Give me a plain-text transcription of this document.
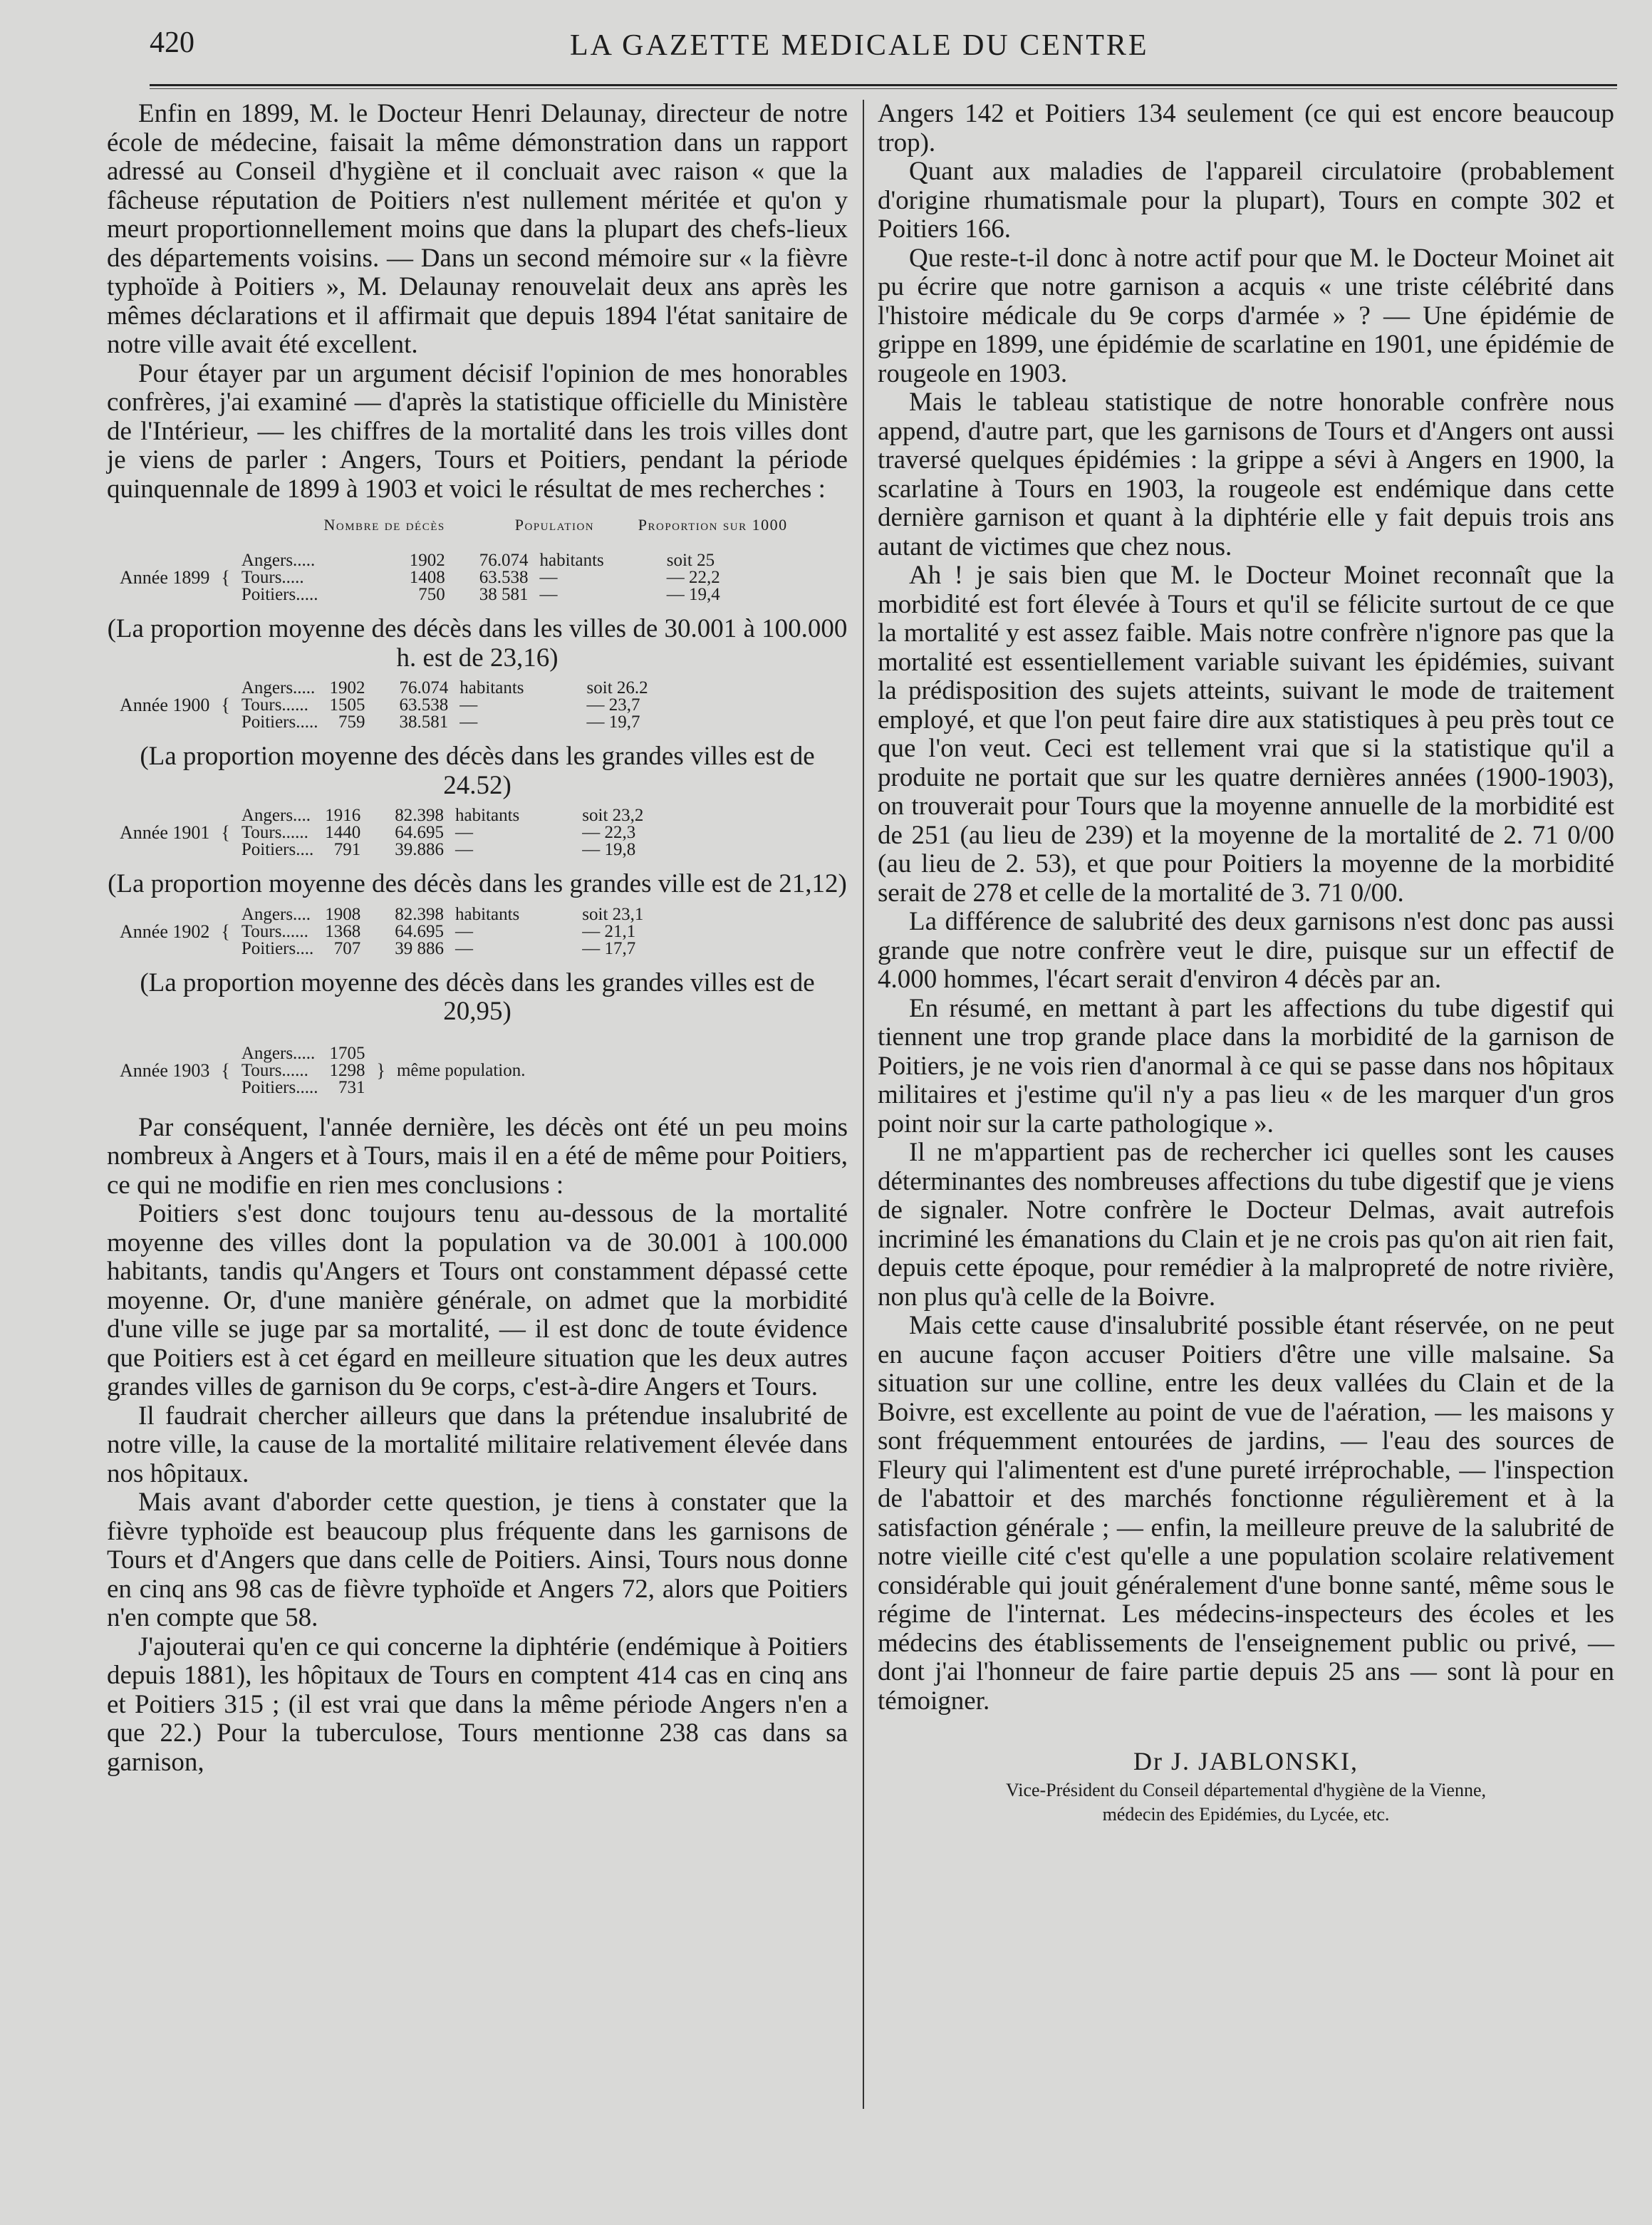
420	LA GAZETTE MEDICALE DU CENTRE

Enfin en 1899, M. le Docteur Henri Delaunay, directeur de notre école de médecine, faisait la même démonstration dans un rapport adressé au Conseil d'hygiène et il concluait avec raison « que la fâcheuse réputation de Poitiers n'est nullement méritée et qu'on y meurt proportionnellement moins que dans la plupart des chefs-lieux des départements voisins. — Dans un second mémoire sur « la fièvre typhoïde à Poitiers », M. Delaunay renouvelait deux ans après les mêmes déclarations et il affirmait que depuis 1894 l'état sanitaire de notre ville avait été excellent.

Pour étayer par un argument décisif l'opinion de mes honorables confrères, j'ai examiné — d'après la statistique officielle du Ministère de l'Intérieur, — les chiffres de la mortalité dans les trois villes dont je viens de parler : Angers, Tours et Poitiers, pendant la période quinquennale de 1899 à 1903 et voici le résultat de mes recherches :

			Nombre de décès	Population		Proportion sur 1000
Année 1899	{	Angers.....	1902	76.074	habitants	soit 25
		Tours.....	1408	63.538	—	— 22,2
		Poitiers.....	750	38 581	—	— 19,4

(La proportion moyenne des décès dans les villes de 30.001 à 100.000 h. est de 23,16)

Année 1900	{	Angers.....	1902	76.074	habitants	soit 26.2
		Tours......	1505	63.538	—	— 23,7
		Poitiers.....	759	38.581	—	— 19,7

(La proportion moyenne des décès dans les grandes villes est de 24.52)

Année 1901	{	Angers....	1916	82.398	habitants	soit 23,2
		Tours......	1440	64.695	—	— 22,3
		Poitiers....	791	39.886	—	— 19,8

(La proportion moyenne des décès dans les grandes ville est de 21,12)

Année 1902	{	Angers....	1908	82.398	habitants	soit 23,1
		Tours......	1368	64.695	—	— 21,1
		Poitiers....	707	39 886	—	— 17,7

(La proportion moyenne des décès dans les grandes villes est de 20,95)

Année 1903	{	Angers.....	1705	}	même population.
		Tours......	1298		
		Poitiers.....	731		

Par conséquent, l'année dernière, les décès ont été un peu moins nombreux à Angers et à Tours, mais il en a été de même pour Poitiers, ce qui ne modifie en rien mes conclusions :

Poitiers s'est donc toujours tenu au-dessous de la mortalité moyenne des villes dont la population va de 30.001 à 100.000 habitants, tandis qu'Angers et Tours ont constamment dépassé cette moyenne. Or, d'une manière générale, on admet que la morbidité d'une ville se juge par sa mortalité, — il est donc de toute évidence que Poitiers est à cet égard en meilleure situation que les deux autres grandes villes de garnison du 9e corps, c'est-à-dire Angers et Tours.

Il faudrait chercher ailleurs que dans la prétendue insalubrité de notre ville, la cause de la mortalité militaire relativement élevée dans nos hôpitaux.

Mais avant d'aborder cette question, je tiens à constater que la fièvre typhoïde est beaucoup plus fréquente dans les garnisons de Tours et d'Angers que dans celle de Poitiers. Ainsi, Tours nous donne en cinq ans 98 cas de fièvre typhoïde et Angers 72, alors que Poitiers n'en compte que 58.

J'ajouterai qu'en ce qui concerne la diphtérie (endémique à Poitiers depuis 1881), les hôpitaux de Tours en comptent 414 cas en cinq ans et Poitiers 315 ; (il est vrai que dans la même période Angers n'en a que 22.) Pour la tuberculose, Tours mentionne 238 cas dans sa garnison,

Angers 142 et Poitiers 134 seulement (ce qui est encore beaucoup trop).

Quant aux maladies de l'appareil circulatoire (probablement d'origine rhumatismale pour la plupart), Tours en compte 302 et Poitiers 166.

Que reste-t-il donc à notre actif pour que M. le Docteur Moinet ait pu écrire que notre garnison a acquis « une triste célébrité dans l'histoire médicale du 9e corps d'armée » ? — Une épidémie de grippe en 1899, une épidémie de scarlatine en 1901, une épidémie de rougeole en 1903.

Mais le tableau statistique de notre honorable confrère nous append, d'autre part, que les garnisons de Tours et d'Angers ont aussi traversé quelques épidémies : la grippe a sévi à Angers en 1900, la scarlatine à Tours en 1903, la rougeole est endémique dans cette dernière garnison et quant à la diphtérie elle y fait depuis trois ans autant de victimes que chez nous.

Ah ! je sais bien que M. le Docteur Moinet reconnaît que la morbidité est fort élevée à Tours et qu'il se félicite surtout de ce que la mortalité y est assez faible. Mais notre confrère n'ignore pas que la mortalité est essentiellement variable suivant les épidémies, suivant la prédisposition des sujets atteints, suivant le mode de traitement employé, et que l'on peut faire dire aux statistiques à peu près tout ce que l'on veut. Ceci est tellement vrai que si la statistique qu'il a produite ne portait que sur les quatre dernières années (1900-1903), on trouverait pour Tours que la moyenne annuelle de la morbidité est de 251 (au lieu de 239) et la moyenne de la mortalité de 2. 71 0/00 (au lieu de 2. 53), et que pour Poitiers la moyenne de la morbidité serait de 278 et celle de la mortalité de 3. 71 0/00.

La différence de salubrité des deux garnisons n'est donc pas aussi grande que notre confrère veut le dire, puisque sur un effectif de 4.000 hommes, l'écart serait d'environ 4 décès par an.

En résumé, en mettant à part les affections du tube digestif qui tiennent une trop grande place dans la morbidité de la garnison de Poitiers, je ne vois rien d'anormal à ce qui se passe dans nos hôpitaux militaires et j'estime qu'il n'y a pas lieu « de les marquer d'un gros point noir sur la carte pathologique ».

Il ne m'appartient pas de rechercher ici quelles sont les causes déterminantes des nombreuses affections du tube digestif que je viens de signaler. Notre confrère le Docteur Delmas, avait autrefois incriminé les émanations du Clain et je ne crois pas qu'on ait rien fait, depuis cette époque, pour remédier à la malpropreté de notre rivière, non plus qu'à celle de la Boivre.

Mais cette cause d'insalubrité possible étant réservée, on ne peut en aucune façon accuser Poitiers d'être une ville malsaine. Sa situation sur une colline, entre les deux vallées du Clain et de la Boivre, est excellente au point de vue de l'aération, — les maisons y sont fréquemment entourées de jardins, — l'eau des sources de Fleury qui l'alimentent est d'une pureté irréprochable, — l'inspection de l'abattoir et des marchés fonctionne régulièrement et à la satisfaction générale ; — enfin, la meilleure preuve de la salubrité de notre vieille cité c'est qu'elle a une population scolaire relativement considérable qui jouit généralement d'une bonne santé, même sous le régime de l'internat. Les médecins-inspecteurs des écoles et les médecins des établissements de l'enseignement public ou privé, — dont j'ai l'honneur de faire partie depuis 25 ans — sont là pour en témoigner.

Dr J. JABLONSKI,
Vice-Président du Conseil départemental d'hygiène de la Vienne,
médecin des Epidémies, du Lycée, etc.
